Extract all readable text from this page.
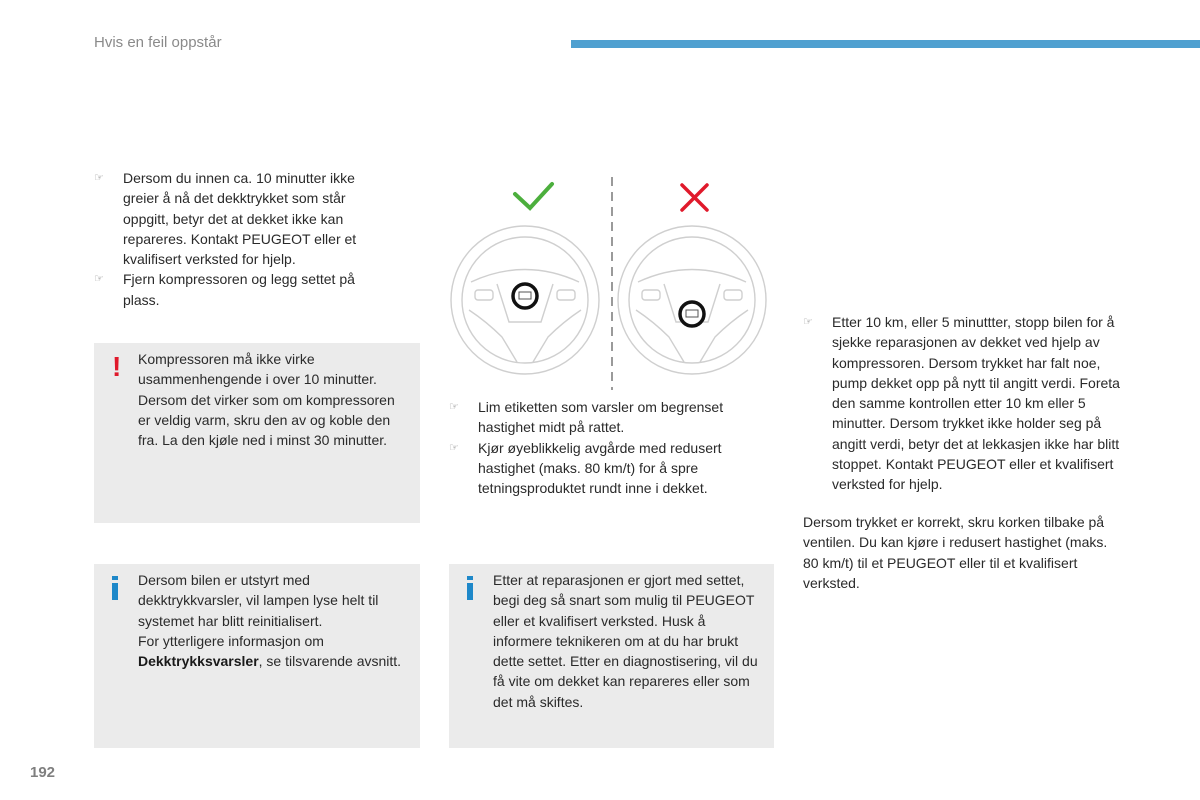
Hvis en feil oppstår
☞ Dersom du innen ca. 10 minutter ikke greier å nå det dekktrykket som står oppgitt, betyr det at dekket ikke kan repareres. Kontakt PEUGEOT eller et kvalifisert verksted for hjelp.
☞ Fjern kompressoren og legg settet på plass.
! Kompressoren må ikke virke usammenhengende i over 10 minutter. Dersom det virker som om kompressoren er veldig varm, skru den av og koble den fra. La den kjøle ned i minst 30 minutter.
Dersom bilen er utstyrt med dekktrykkvarsler, vil lampen lyse helt til systemet har blitt reinitialisert.
For ytterligere informasjon om
Dekktrykksvarsler, se tilsvarende avsnitt.
☞ Lim etiketten som varsler om begrenset hastighet midt på rattet.
☞ Kjør øyeblikkelig avgårde med redusert hastighet (maks. 80 km/t) for å spre tetningsproduktet rundt inne i dekket.
Etter at reparasjonen er gjort med settet, begi deg så snart som mulig til PEUGEOT eller et kvalifisert verksted. Husk å informere teknikeren om at du har brukt dette settet. Etter en diagnostisering, vil du få vite om dekket kan repareres eller som det må skiftes.
☞ Etter 10 km, eller 5 minuttter, stopp bilen for å sjekke reparasjonen av dekket ved hjelp av kompressoren. Dersom trykket har falt noe, pump dekket opp på nytt til angitt verdi. Foreta den samme kontrollen etter 10 km eller 5 minutter. Dersom trykket ikke holder seg på angitt verdi, betyr det at lekkasjen ikke har blitt stoppet. Kontakt PEUGEOT eller et kvalifisert verksted for hjelp.
Dersom trykket er korrekt, skru korken tilbake på ventilen. Du kan kjøre i redusert hastighet (maks. 80 km/t) til et PEUGEOT eller til et kvalifisert verksted.
192
